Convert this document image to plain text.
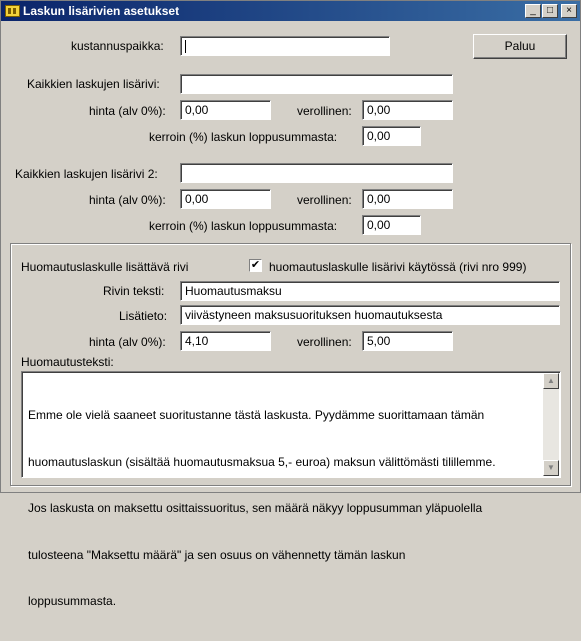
Laskun lisärivien asetukset	_	□	×
kustannuspaikka:	Paluu
Kaikkien laskujen lisärivi:
hinta (alv 0%):	0,00	verollinen:	0,00
kerroin (%) laskun loppusummasta:	0,00
Kaikkien laskujen lisärivi 2:
hinta (alv 0%):	0,00	verollinen:	0,00
kerroin (%) laskun loppusummasta:	0,00
Huomautuslaskulle lisättävä rivi	✔ huomautuslaskulle lisärivi käytössä (rivi nro 999)
Rivin teksti:	Huomautusmaksu
Lisätieto:	viivästyneen maksusuorituksen huomautuksesta
hinta (alv 0%):	4,10	verollinen:	5,00
Huomautusteksti:

Emme ole vielä saaneet suoritustanne tästä laskusta. Pyydämme suorittamaan tämän

huomautuslaskun (sisältää huomautusmaksua 5,- euroa) maksun välittömästi tilillemme.

Jos laskusta on maksettu osittaissuoritus, sen määrä näkyy loppusumman yläpuolella

tulosteena "Maksettu määrä" ja sen osuus on vähennetty tämän laskun

loppusummasta.

▲
▼
